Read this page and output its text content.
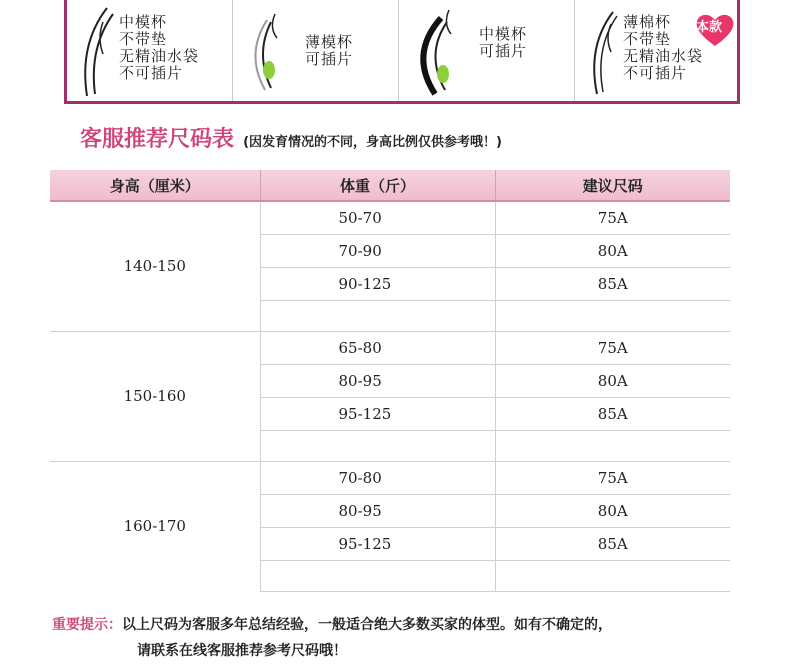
中模杯
不带垫
无精油水袋
不可插片
薄模杯
可插片
中模杯
可插片
薄棉杯
不带垫
无精油水袋
不可插片
本款
客服推荐尺码表 (因发育情况的不同，身高比例仅供参考哦！)
身高（厘米）	体重（斤）	建议尺码
140-150	50-70	75A
	70-90	80A
	90-125	85A

150-160	65-80	75A
	80-95	80A
	95-125	85A

160-170	70-80	75A
	80-95	80A
	95-125	85A

重要提示：以上尺码为客服多年总结经验，一般适合绝大多数买家的体型。如有不确定的，
请联系在线客服推荐参考尺码哦！
